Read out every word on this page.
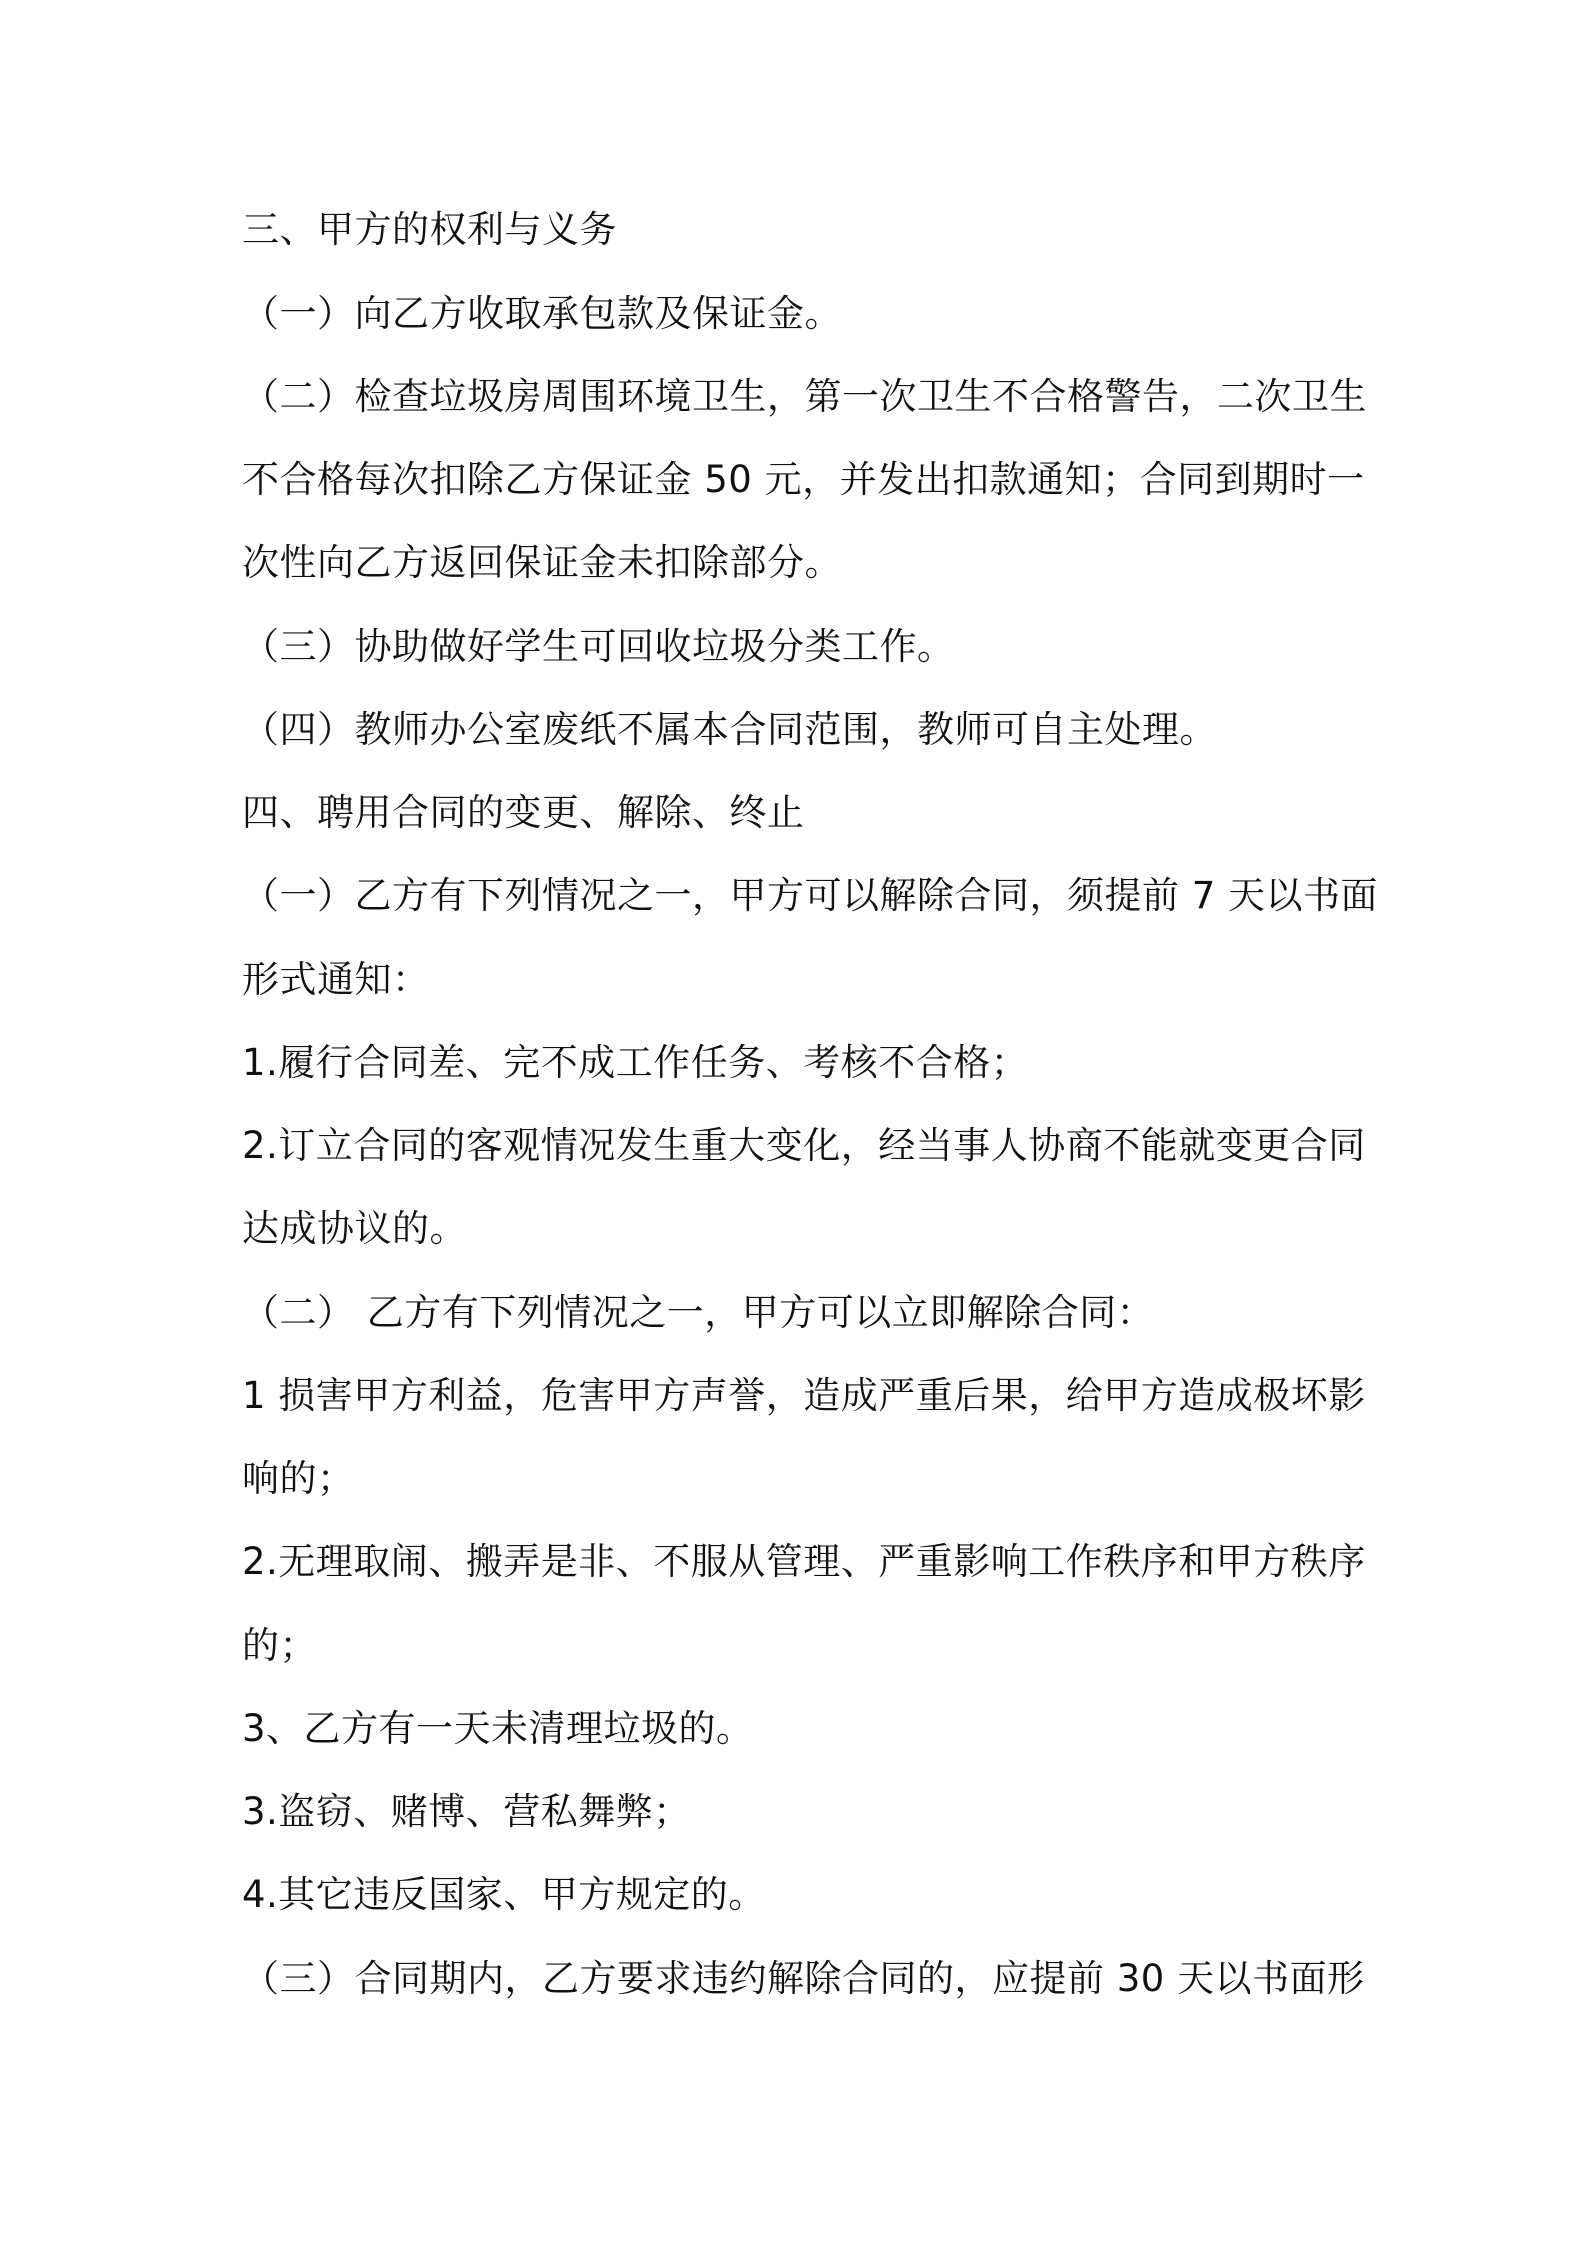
三、甲方的权利与义务
（一）向乙方收取承包款及保证金。
（二）检查垃圾房周围环境卫生，第一次卫生不合格警告，二次卫生
不合格每次扣除乙方保证金 50 元，并发出扣款通知；合同到期时一
次性向乙方返回保证金未扣除部分。
（三）协助做好学生可回收垃圾分类工作。
（四）教师办公室废纸不属本合同范围，教师可自主处理。
四、聘用合同的变更、解除、终止
（一）乙方有下列情况之一，甲方可以解除合同，须提前 7 天以书面
形式通知：
1.履行合同差、完不成工作任务、考核不合格；
2.订立合同的客观情况发生重大变化，经当事人协商不能就变更合同
达成协议的。
（二） 乙方有下列情况之一，甲方可以立即解除合同：
1 损害甲方利益，危害甲方声誉，造成严重后果，给甲方造成极坏影
响的；
2.无理取闹、搬弄是非、不服从管理、严重影响工作秩序和甲方秩序
的；
3、乙方有一天未清理垃圾的。
3.盗窃、赌博、营私舞弊；
4.其它违反国家、甲方规定的。
（三）合同期内，乙方要求违约解除合同的，应提前 30 天以书面形
